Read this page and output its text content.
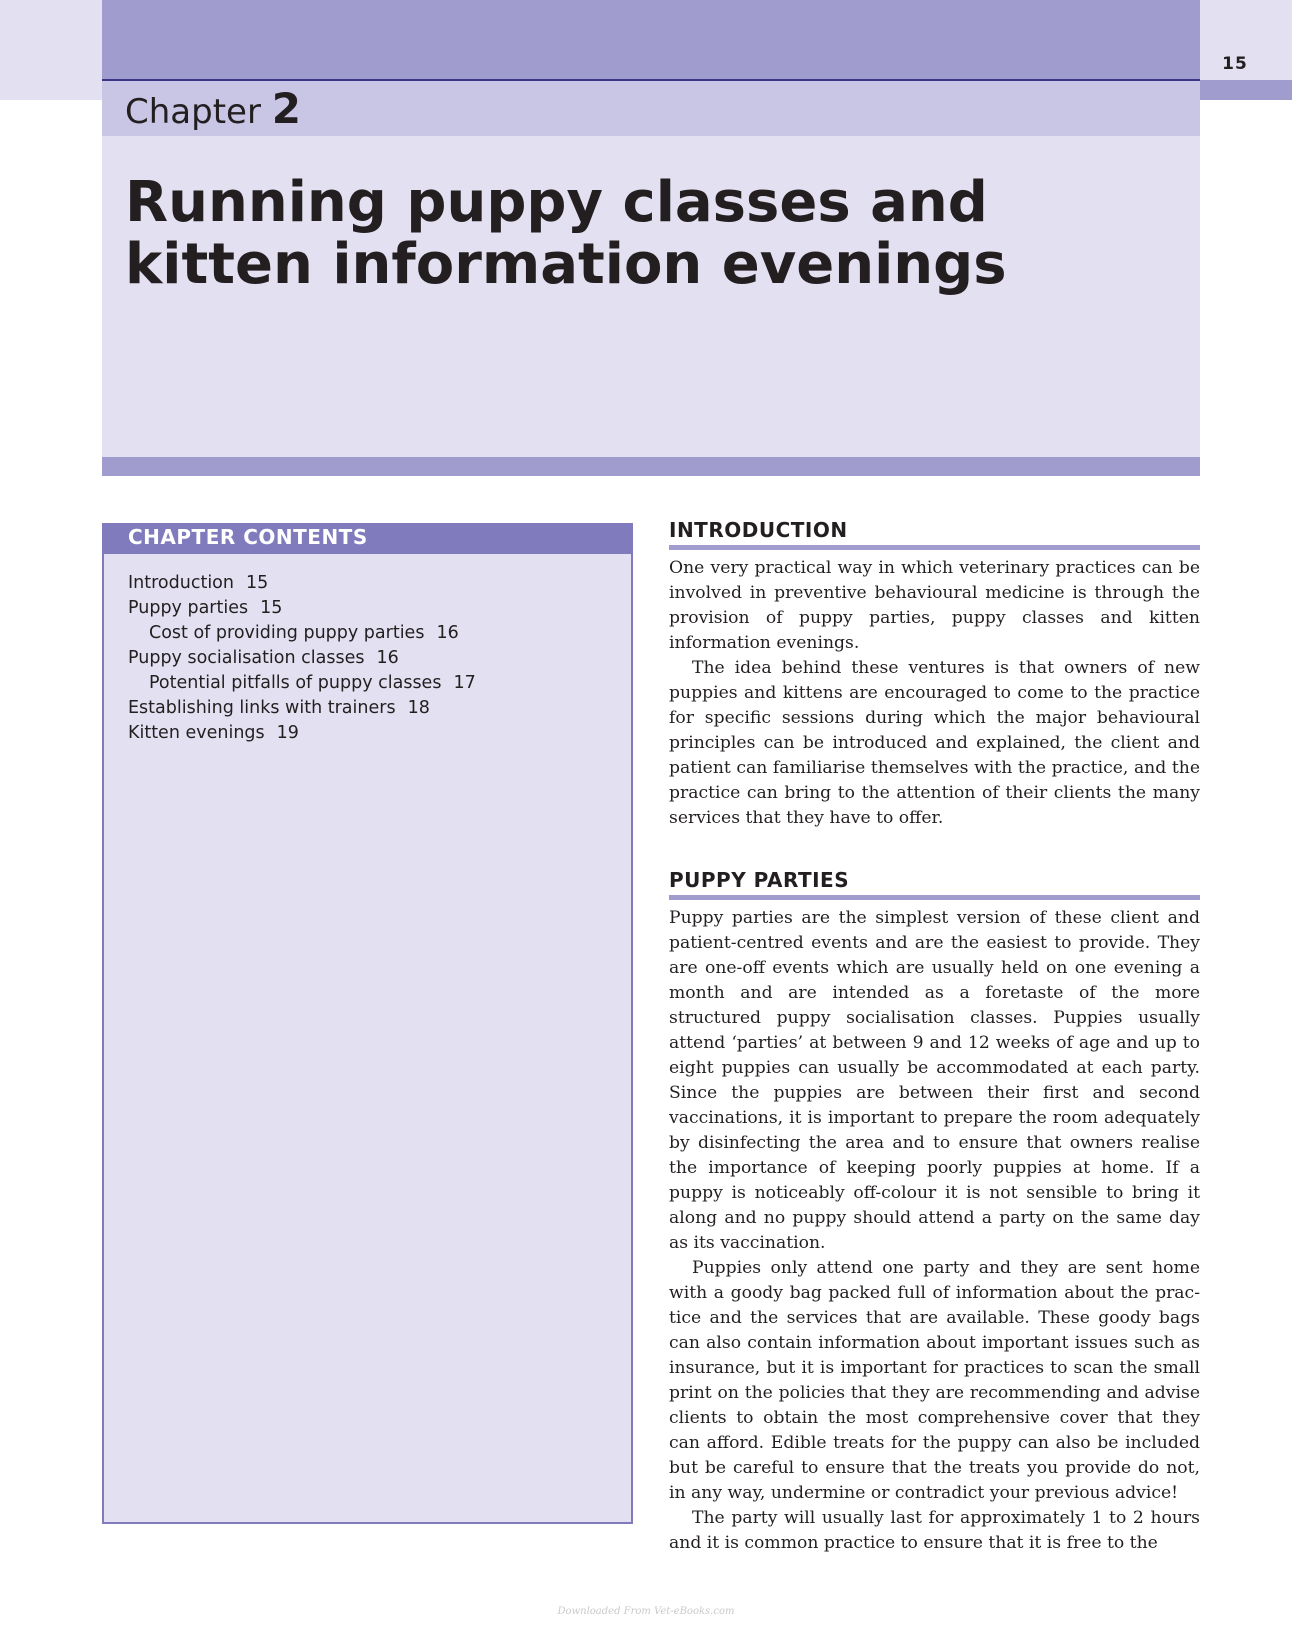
15
Chapter 2
Running puppy classes and kitten information evenings
CHAPTER CONTENTS
Introduction 15
Puppy parties 15
Cost of providing puppy parties 16
Puppy socialisation classes 16
Potential pitfalls of puppy classes 17
Establishing links with trainers 18
Kitten evenings 19
INTRODUCTION

One very practical way in which veterinary practices can be involved in preventive behavioural medicine is through the provision of puppy parties, puppy classes and kitten information evenings.

The idea behind these ventures is that owners of new puppies and kittens are encouraged to come to the practice for specific sessions during which the major behavioural principles can be introduced and explained, the client and patient can familiarise themselves with the practice, and the practice can bring to the attention of their clients the many services that they have to offer.

PUPPY PARTIES

Puppy parties are the simplest version of these client and patient-centred events and are the easiest to provide. They are one-off events which are usually held on one evening a month and are intended as a foretaste of the more structured puppy socialisation classes. Puppies usually attend ‘parties’ at between 9 and 12 weeks of age and up to eight puppies can usually be accommodated at each party. Since the puppies are between their first and second vaccinations, it is important to prepare the room adequately by disinfecting the area and to ensure that owners realise the importance of keeping poorly puppies at home. If a puppy is noticeably off-colour it is not sensible to bring it along and no puppy should attend a party on the same day as its vaccination.

Puppies only attend one party and they are sent home with a goody bag packed full of information about the practice and the services that are available. These goody bags can also contain information about important issues such as insurance, but it is important for practices to scan the small print on the policies that they are recommending and advise clients to obtain the most comprehensive cover that they can afford. Edible treats for the puppy can also be included but be careful to ensure that the treats you provide do not, in any way, undermine or contradict your previous advice!

The party will usually last for approximately 1 to 2 hours and it is common practice to ensure that it is free to the

Downloaded From Vet-eBooks.com
